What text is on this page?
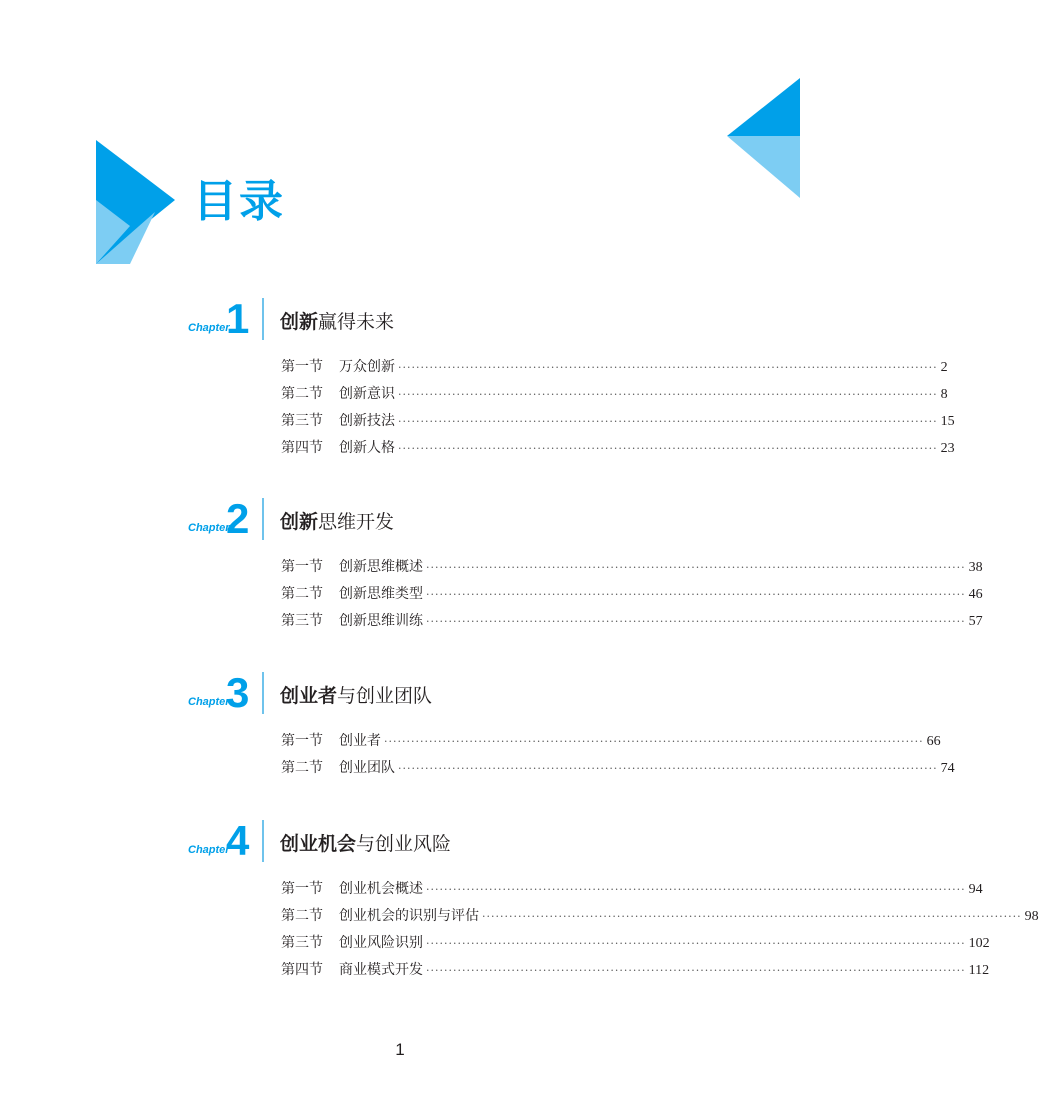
目录
Chapter
1 创新赢得未来
第一节	万众创新 ························································································································ 2
第二节	创新意识 ························································································································ 8
第三节	创新技法 ························································································································ 15
第四节	创新人格 ························································································································ 23
Chapter
2 创新思维开发
第一节	创新思维概述 ························································································································ 38
第二节	创新思维类型 ························································································································ 46
第三节	创新思维训练 ························································································································ 57
Chapter
3 创业者与创业团队
第一节	创业者 ························································································································ 66
第二节	创业团队 ························································································································ 74
Chapter
4 创业机会与创业风险
第一节	创业机会概述 ························································································································ 94
第二节	创业机会的识别与评估 ························································································································ 98
第三节	创业风险识别 ························································································································ 102
第四节	商业模式开发 ························································································································ 112
1
